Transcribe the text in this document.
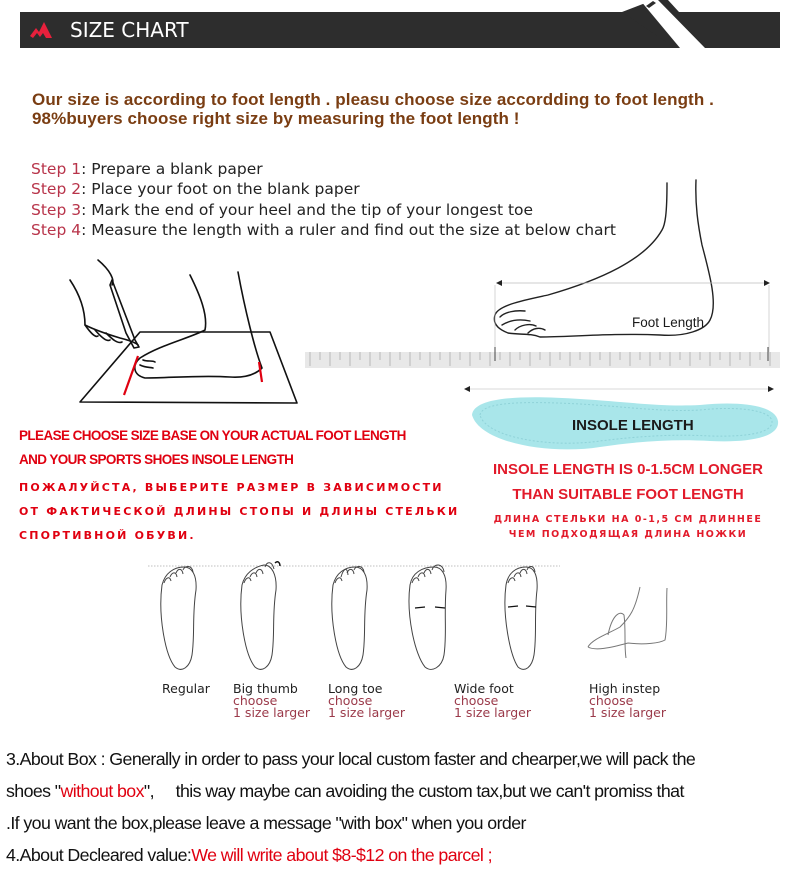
SIZE CHART
Our size is according to foot length . pleasu choose size accordding to foot length .
98%buyers choose right size by measuring the foot length !
Step 1: Prepare a blank paper
Step 2: Place your foot on the blank paper
Step 3: Mark the end of your heel and the tip of your longest toe
Step 4: Measure the length with a ruler and find out the size at below chart
Foot Length
INSOLE LENGTH
PLEASE CHOOSE SIZE BASE ON YOUR ACTUAL FOOT LENGTH
AND YOUR SPORTS SHOES INSOLE LENGTH
ПОЖАЛУЙСТА, ВЫБЕРИТЕ РАЗМЕР В ЗАВИСИМОСТИ
ОТ ФАКТИЧЕСКОЙ ДЛИНЫ СТОПЫ И ДЛИНЫ СТЕЛЬКИ
СПОРТИВНОЙ ОБУВИ.
INSOLE LENGTH IS 0-1.5CM LONGER
THAN SUITABLE FOOT LENGTH
ДЛИНА СТЕЛЬКИ НА 0-1,5 СМ ДЛИННЕЕ
ЧЕМ ПОДХОДЯЩАЯ ДЛИНА НОЖКИ
Regular Big thumb
choose
1 size larger
Long toe
choose
1 size larger
Wide foot
choose
1 size larger
High instep
choose
1 size larger
3.About Box : Generally in order to pass your local custom faster and chearper,we will pack the
shoes "without box",     this way maybe can avoiding the custom tax,but we can't promiss that
.If you want the box,please leave a message "with box" when you order
4.About Decleared value:We will write about $8-$12 on the parcel ;
